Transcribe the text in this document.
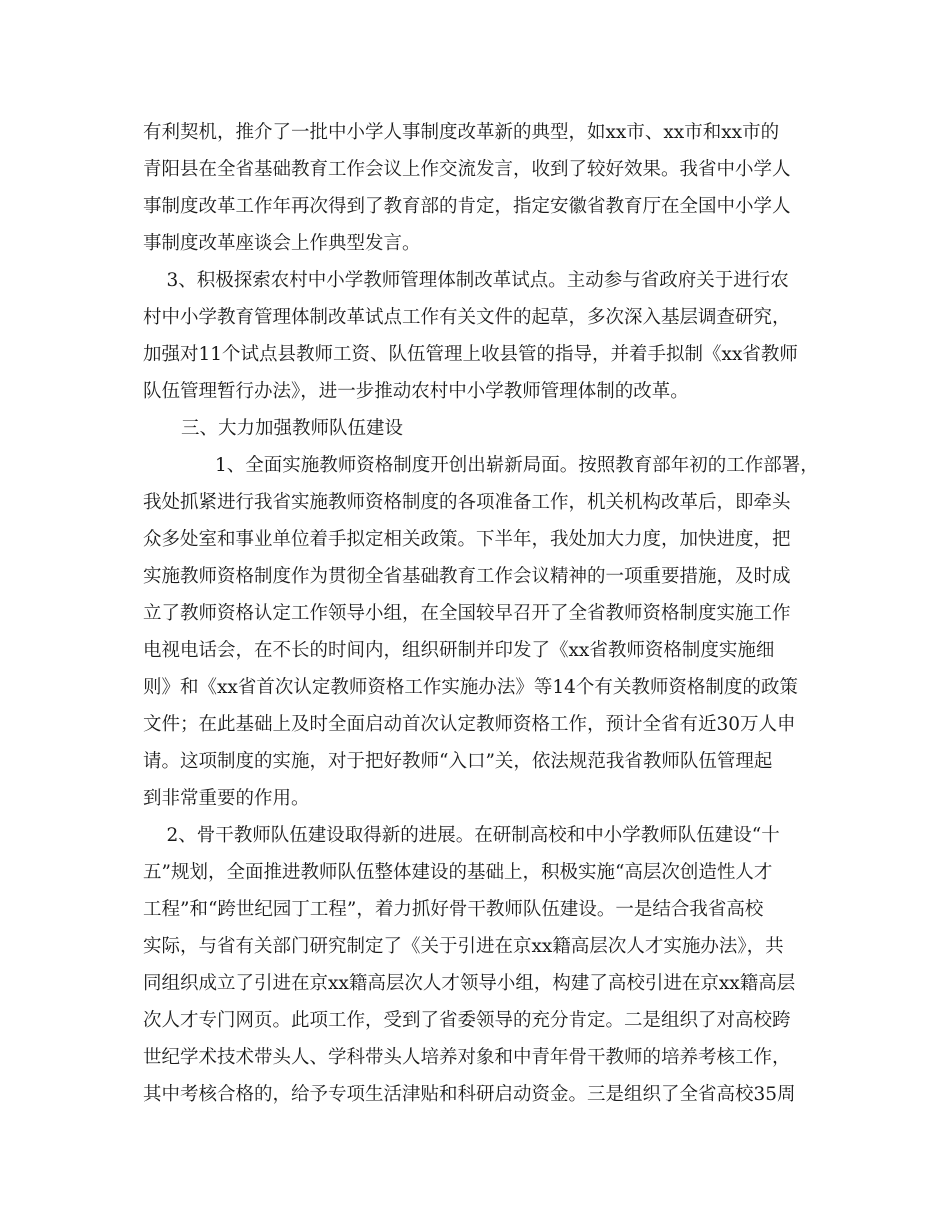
有利契机，推介了一批中小学人事制度改革新的典型，如xx市、xx市和xx市的
青阳县在全省基础教育工作会议上作交流发言，收到了较好效果。我省中小学人
事制度改革工作年再次得到了教育部的肯定，指定安徽省教育厅在全国中小学人
事制度改革座谈会上作典型发言。
3、积极探索农村中小学教师管理体制改革试点。主动参与省政府关于进行农
村中小学教育管理体制改革试点工作有关文件的起草，多次深入基层调查研究，
加强对11个试点县教师工资、队伍管理上收县管的指导，并着手拟制《xx省教师
队伍管理暂行办法》，进一步推动农村中小学教师管理体制的改革。
三、大力加强教师队伍建设
1、全面实施教师资格制度开创出崭新局面。按照教育部年初的工作部署，
我处抓紧进行我省实施教师资格制度的各项准备工作，机关机构改革后，即牵头
众多处室和事业单位着手拟定相关政策。下半年，我处加大力度，加快进度，把
实施教师资格制度作为贯彻全省基础教育工作会议精神的一项重要措施，及时成
立了教师资格认定工作领导小组，在全国较早召开了全省教师资格制度实施工作
电视电话会，在不长的时间内，组织研制并印发了《xx省教师资格制度实施细
则》和《xx省首次认定教师资格工作实施办法》等14个有关教师资格制度的政策
文件；在此基础上及时全面启动首次认定教师资格工作，预计全省有近30万人申
请。这项制度的实施，对于把好教师“入口”关，依法规范我省教师队伍管理起
到非常重要的作用。
2、骨干教师队伍建设取得新的进展。在研制高校和中小学教师队伍建设“十
五”规划，全面推进教师队伍整体建设的基础上，积极实施“高层次创造性人才
工程”和“跨世纪园丁工程”，着力抓好骨干教师队伍建设。一是结合我省高校
实际，与省有关部门研究制定了《关于引进在京xx籍高层次人才实施办法》，共
同组织成立了引进在京xx籍高层次人才领导小组，构建了高校引进在京xx籍高层
次人才专门网页。此项工作，受到了省委领导的充分肯定。二是组织了对高校跨
世纪学术技术带头人、学科带头人培养对象和中青年骨干教师的培养考核工作，
其中考核合格的，给予专项生活津贴和科研启动资金。三是组织了全省高校35周
